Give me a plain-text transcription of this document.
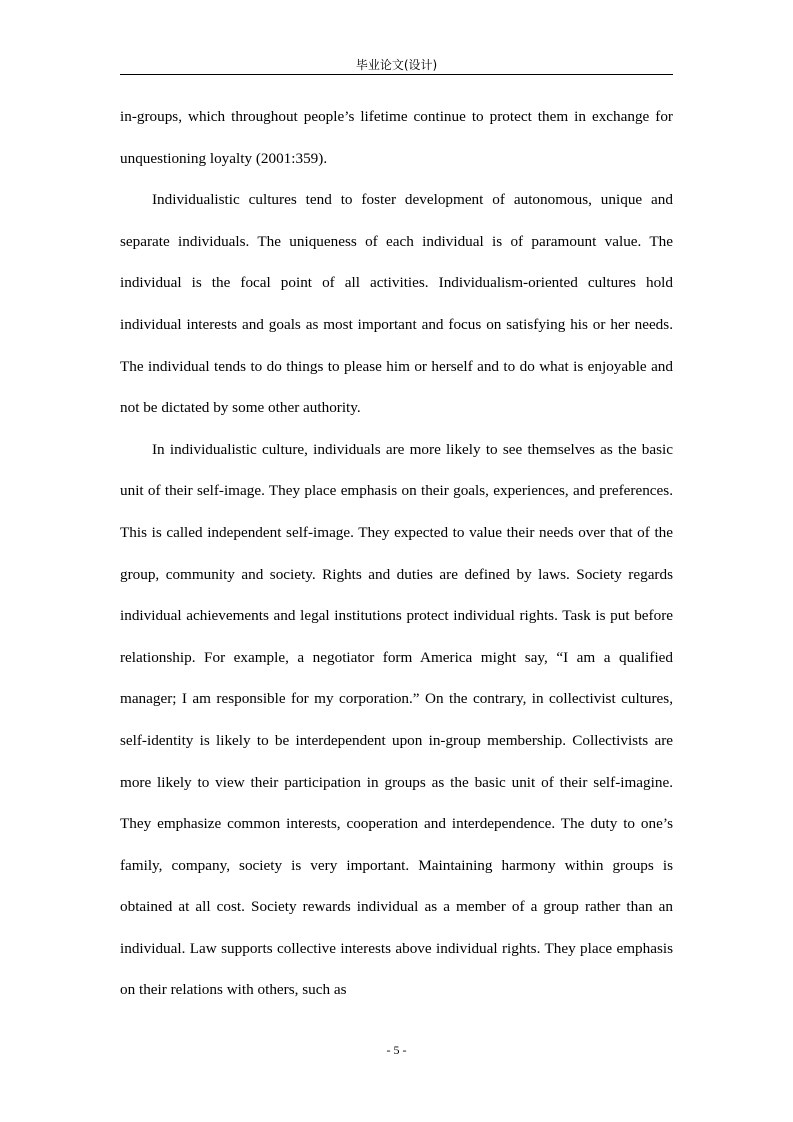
毕业论文(设计)

in-groups, which throughout people’s lifetime continue to protect them in exchange for unquestioning loyalty (2001:359).

Individualistic cultures tend to foster development of autonomous, unique and separate individuals. The uniqueness of each individual is of paramount value. The individual is the focal point of all activities. Individualism-oriented cultures hold individual interests and goals as most important and focus on satisfying his or her needs. The individual tends to do things to please him or herself and to do what is enjoyable and not be dictated by some other authority.

In individualistic culture, individuals are more likely to see themselves as the basic unit of their self-image. They place emphasis on their goals, experiences, and preferences. This is called independent self-image. They expected to value their needs over that of the group, community and society. Rights and duties are defined by laws. Society regards individual achievements and legal institutions protect individual rights. Task is put before relationship. For example, a negotiator form America might say, “I am a qualified manager; I am responsible for my corporation.” On the contrary, in collectivist cultures, self-identity is likely to be interdependent upon in-group membership. Collectivists are more likely to view their participation in groups as the basic unit of their self-imagine. They emphasize common interests, cooperation and interdependence. The duty to one’s family, company, society is very important. Maintaining harmony within groups is obtained at all cost. Society rewards individual as a member of a group rather than an individual. Law supports collective interests above individual rights. They place emphasis on their relations with others, such as

- 5 -
